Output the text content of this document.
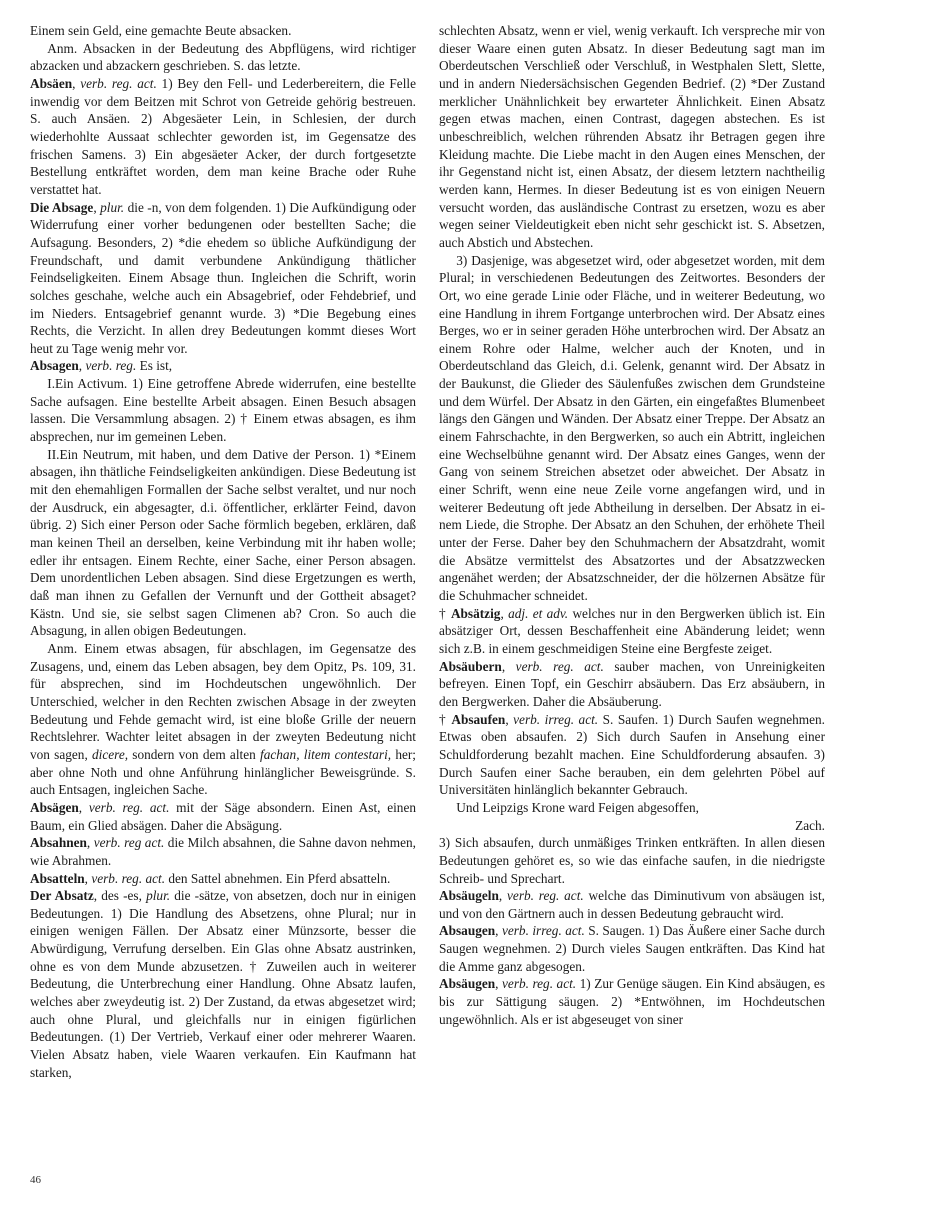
Einem sein Geld, eine gemachte Beute absacken.

Anm. Absacken in der Bedeutung des Abpflügens, wird richtiger abzacken und abzackern geschrieben. S. das letzte.

Absäen, verb. reg. act. 1) Bey den Fell- und Lederbereitern, die Felle inwendig vor dem Beitzen mit Schrot von Getreide gehörig bestreuen. S. auch Ansäen. 2) Abgesäeter Lein, in Schlesien, der durch wiederhohlte Aussaat schlechter geworden ist, im Gegensatze des frischen Samens. 3) Ein abgesäeter Acker, der durch fortgesetzte Bestellung entkräftet worden, dem man keine Brache oder Ruhe verstattet hat.

Die Absage, plur. die -n, von dem folgenden. 1) Die Aufkündigung oder Widerrufung einer vorher bedungenen oder bestellten Sache; die Aufsagung. Besonders, 2) *die ehedem so übliche Aufkündigung der Freundschaft, und damit verbundene Ankündigung thätlicher Feindseligkeiten. Einem Absage thun. Ingleichen die Schrift, worin solches geschahe, welche auch ein Absagebrief, oder Fehdebrief, und im Nieders. Entsagebrief genannt wurde. 3) *Die Begebung eines Rechts, die Verzicht. In allen drey Bedeutungen kommt dieses Wort heut zu Tage wenig mehr vor.

Absagen, verb. reg. Es ist,

I.Ein Activum. 1) Eine getroffene Abrede widerrufen, eine bestellte Sache aufsagen. Eine bestellte Arbeit absagen. Einen Besuch absagen lassen. Die Versammlung absagen. 2) † Einem etwas absagen, es ihm absprechen, nur im gemeinen Leben.

II.Ein Neutrum, mit haben, und dem Dative der Person. 1) *Einem absagen, ihn thätliche Feindseligkeiten ankündigen. Diese Bedeutung ist mit den ehemahligen Formallen der Sache selbst veraltet, und nur noch der Ausdruck, ein abgesagter, d.i. öffentlicher, erklärter Feind, davon übrig. 2) Sich einer Person oder Sache förmlich begeben, erklären, daß man keinen Theil an derselben, keine Verbindung mit ihr haben wolle; edler ihr entsagen. Einem Rechte, einer Sache, einer Person absagen. Dem unordentlichen Leben absagen. Sind diese Ergetzungen es werth, daß man ihnen zu Gefallen der Vernunft und der Gottheit absaget? Kästn. Und sie, sie selbst sagen Climenen ab? Cron. So auch die Absagung, in allen obigen Bedeutungen.

Anm. Einem etwas absagen, für abschlagen, im Gegensatze des Zusagens, und, einem das Leben absagen, bey dem Opitz, Ps. 109, 31. für absprechen, sind im Hochdeutschen ungewöhnlich. Der Unterschied, welcher in den Rechten zwischen Absage in der zweyten Bedeutung und Fehde gemacht wird, ist eine bloße Grille der neuern Rechtslehrer. Wachter leitet absagen in der zweyten Bedeutung nicht von sagen, dicere, sondern von dem alten fachan, litem contestari, her; aber ohne Noth und ohne Anführung hinlänglicher Beweisgründe. S. auch Entsagen, ingleichen Sache.

Absägen, verb. reg. act. mit der Säge absondern. Einen Ast, einen Baum, ein Glied absägen. Daher die Absägung.

Absahnen, verb. reg act. die Milch absahnen, die Sahne davon nehmen, wie Abrahmen.

Absatteln, verb. reg. act. den Sattel abnehmen. Ein Pferd absatteln.

Der Absatz, des -es, plur. die -sätze, von absetzen, doch nur in einigen Bedeutungen. 1) Die Handlung des Absetzens, ohne Plural; nur in einigen wenigen Fällen. Der Absatz einer Münzsorte, besser die Abwürdigung, Verrufung derselben. Ein Glas ohne Absatz austrinken, ohne es von dem Munde abzusetzen. † Zuweilen auch in weiterer Bedeutung, die Unterbrechung einer Handlung. Ohne Absatz laufen, welches aber zweydeutig ist. 2) Der Zustand, da etwas abgesetzet wird; auch ohne Plural, und gleichfalls nur in einigen figürlichen Bedeutungen. (1) Der Vertrieb, Verkauf einer oder mehrerer Waaren. Vielen Absatz haben, viele Waaren verkaufen. Ein Kaufmann hat starken,

schlechten Absatz, wenn er viel, wenig verkauft. Ich verspreche mir von dieser Waare einen guten Absatz. In dieser Bedeutung sagt man im Oberdeutschen Verschließ oder Verschluß, in Westphalen Slett, Slette, und in andern Niedersächsischen Gegenden Bedrief. (2) *Der Zustand merklicher Unähnlichkeit bey erwarteter Ähnlichkeit. Einen Absatz gegen etwas machen, einen Contrast, dagegen abstechen. Es ist unbeschreiblich, welchen rührenden Absatz ihr Betragen gegen ihre Kleidung machte. Die Liebe macht in den Augen eines Menschen, der ihr Gegenstand nicht ist, einen Absatz, der diesem letztern nachtheilig werden kann, Hermes. In dieser Bedeutung ist es von einigen Neuern versucht worden, das ausländische Contrast zu ersetzen, wozu es aber wegen seiner Vieldeutigkeit eben nicht sehr geschickt ist. S. Absetzen, auch Abstich und Abstechen.

3) Dasjenige, was abgesetzet wird, oder abgesetzet worden, mit dem Plural; in verschiedenen Bedeutungen des Zeitwortes. Besonders der Ort, wo eine gerade Linie oder Fläche, und in weiterer Bedeutung, wo eine Handlung in ihrem Fortgange unterbrochen wird. Der Absatz eines Berges, wo er in seiner geraden Höhe unterbrochen wird. Der Absatz an einem Rohre oder Halme, welcher auch der Knoten, und in Oberdeutschland das Gleich, d.i. Gelenk, genannt wird. Der Absatz in der Baukunst, die Glieder des Säulenfußes zwischen dem Grundsteine und dem Würfel. Der Absatz in den Gärten, ein eingefaßtes Blumenbeet längs den Gängen und Wänden. Der Absatz einer Treppe. Der Absatz an einem Fahrschachte, in den Bergwerken, so auch ein Abtritt, ingleichen eine Wechselbühne genannt wird. Der Absatz eines Ganges, wenn der Gang von seinem Streichen absetzet oder abweichet. Der Absatz in einer Schrift, wenn eine neue Zeile vorne angefangen wird, und in weiterer Bedeutung oft jede Abtheilung in derselben. Der Absatz in einem Liede, die Strophe. Der Absatz an den Schuhen, der erhöhete Theil unter der Ferse. Daher bey den Schuhmachern der Absatzdraht, womit die Absätze vermittelst des Absatzortes und der Absatzzwecken angenähet werden; der Absatzschneider, der die hölzernen Absätze für die Schuhmacher schneidet.

† Absätzig, adj. et adv. welches nur in den Bergwerken üblich ist. Ein absätziger Ort, dessen Beschaffenheit eine Abänderung leidet; wenn sich z.B. in einem geschmeidigen Steine eine Bergfeste zeiget.

Absäubern, verb. reg. act. sauber machen, von Unreinigkeiten befreyen. Einen Topf, ein Geschirr absäubern. Das Erz absäubern, in den Bergwerken. Daher die Absäuberung.

† Absaufen, verb. irreg. act. S. Saufen. 1) Durch Saufen wegnehmen. Etwas oben absaufen. 2) Sich durch Saufen in Ansehung einer Schuldforderung bezahlt machen. Eine Schuldforderung absaufen. 3) Durch Saufen einer Sache berauben, ein dem gelehrten Pöbel auf Universitäten hinlänglich bekannter Gebrauch.

Und Leipzigs Krone ward Feigen abgesoffen,

Zach.

3) Sich absaufen, durch unmäßiges Trinken entkräften. In allen diesen Bedeutungen gehöret es, so wie das einfache saufen, in die niedrigste Schreib- und Sprechart.

Absäugeln, verb. reg. act. welche das Diminutivum von absäugen ist, und von den Gärtnern auch in dessen Bedeutung gebraucht wird.

Absaugen, verb. irreg. act. S. Saugen. 1) Das Äußere einer Sache durch Saugen wegnehmen. 2) Durch vieles Saugen entkräften. Das Kind hat die Amme ganz abgesogen.

Absäugen, verb. reg. act. 1) Zur Genüge säugen. Ein Kind absäugen, es bis zur Sättigung säugen. 2) *Entwöhnen, im Hochdeutschen ungewöhnlich. Als er ist abgeseuget von siner

46
